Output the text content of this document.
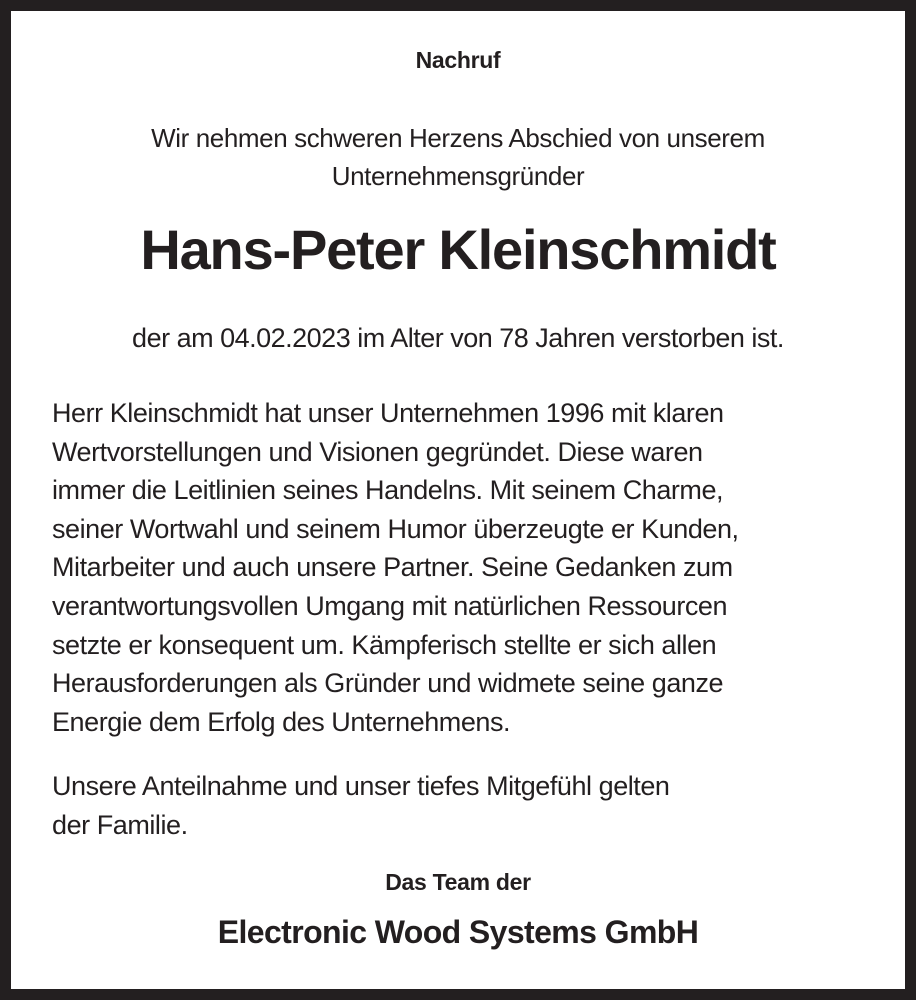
Nachruf
Wir nehmen schweren Herzens Abschied von unserem
Unternehmensgründer
Hans-Peter Kleinschmidt
der am 04.02.2023 im Alter von 78 Jahren verstorben ist.
Herr Kleinschmidt hat unser Unternehmen 1996 mit klaren
Wertvorstellungen und Visionen gegründet. Diese waren
immer die Leitlinien seines Handelns. Mit seinem Charme,
seiner Wortwahl und seinem Humor überzeugte er Kunden,
Mitarbeiter und auch unsere Partner. Seine Gedanken zum
verantwortungsvollen Umgang mit natürlichen Ressourcen
setzte er konsequent um. Kämpferisch stellte er sich allen
Herausforderungen als Gründer und widmete seine ganze
Energie dem Erfolg des Unternehmens.
Unsere Anteilnahme und unser tiefes Mitgefühl gelten
der Familie.
Das Team der
Electronic Wood Systems GmbH
